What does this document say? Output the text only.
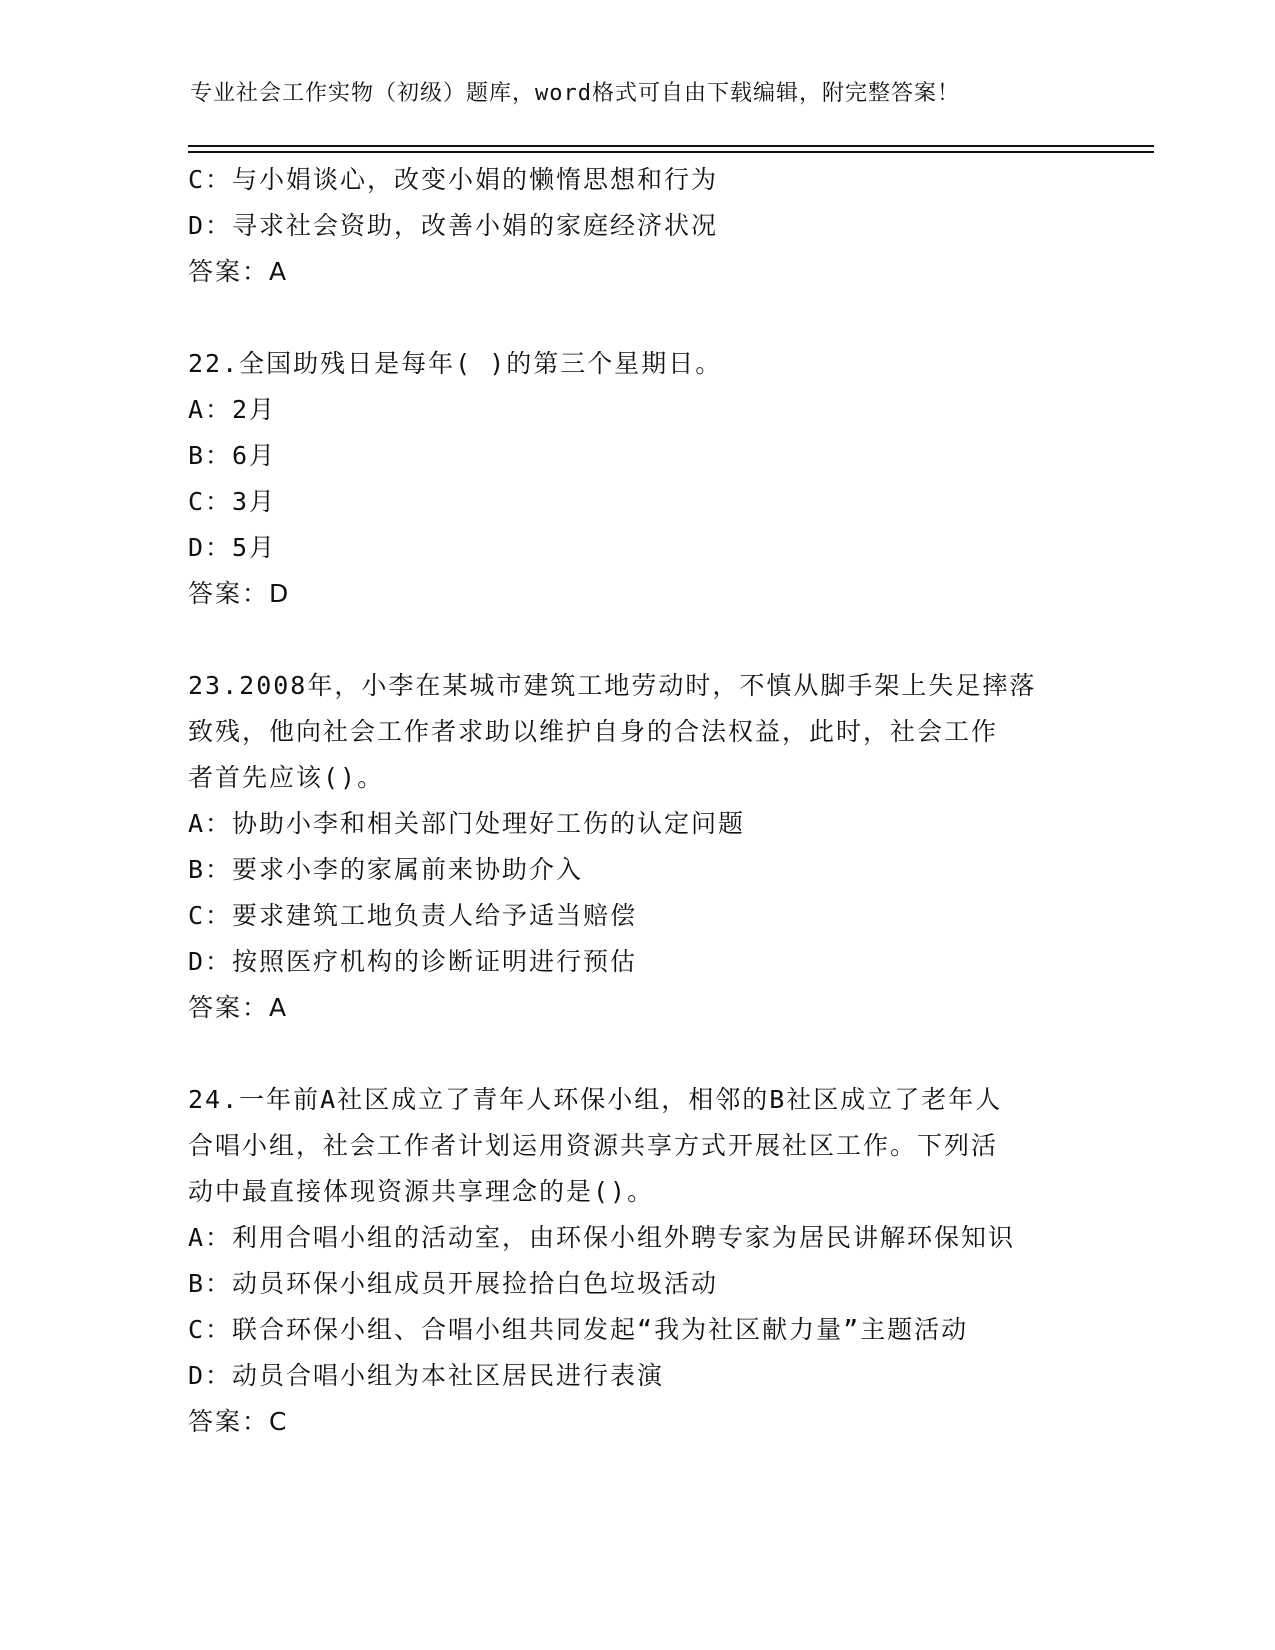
专业社会工作实物（初级）题库，word格式可自由下载编辑，附完整答案！
C：与小娟谈心，改变小娟的懒惰思想和行为
D：寻求社会资助，改善小娟的家庭经济状况
答案：A
22.全国助残日是每年( )的第三个星期日。
A：2月
B：6月
C：3月
D：5月
答案：D
23.2008年，小李在某城市建筑工地劳动时，不慎从脚手架上失足摔落
致残，他向社会工作者求助以维护自身的合法权益，此时，社会工作
者首先应该()。
A：协助小李和相关部门处理好工伤的认定问题
B：要求小李的家属前来协助介入
C：要求建筑工地负责人给予适当赔偿
D：按照医疗机构的诊断证明进行预估
答案：A
24.一年前A社区成立了青年人环保小组，相邻的B社区成立了老年人
合唱小组，社会工作者计划运用资源共享方式开展社区工作。下列活
动中最直接体现资源共享理念的是()。
A：利用合唱小组的活动室，由环保小组外聘专家为居民讲解环保知识
B：动员环保小组成员开展捡拾白色垃圾活动
C：联合环保小组、合唱小组共同发起“我为社区献力量”主题活动
D：动员合唱小组为本社区居民进行表演
答案：C
